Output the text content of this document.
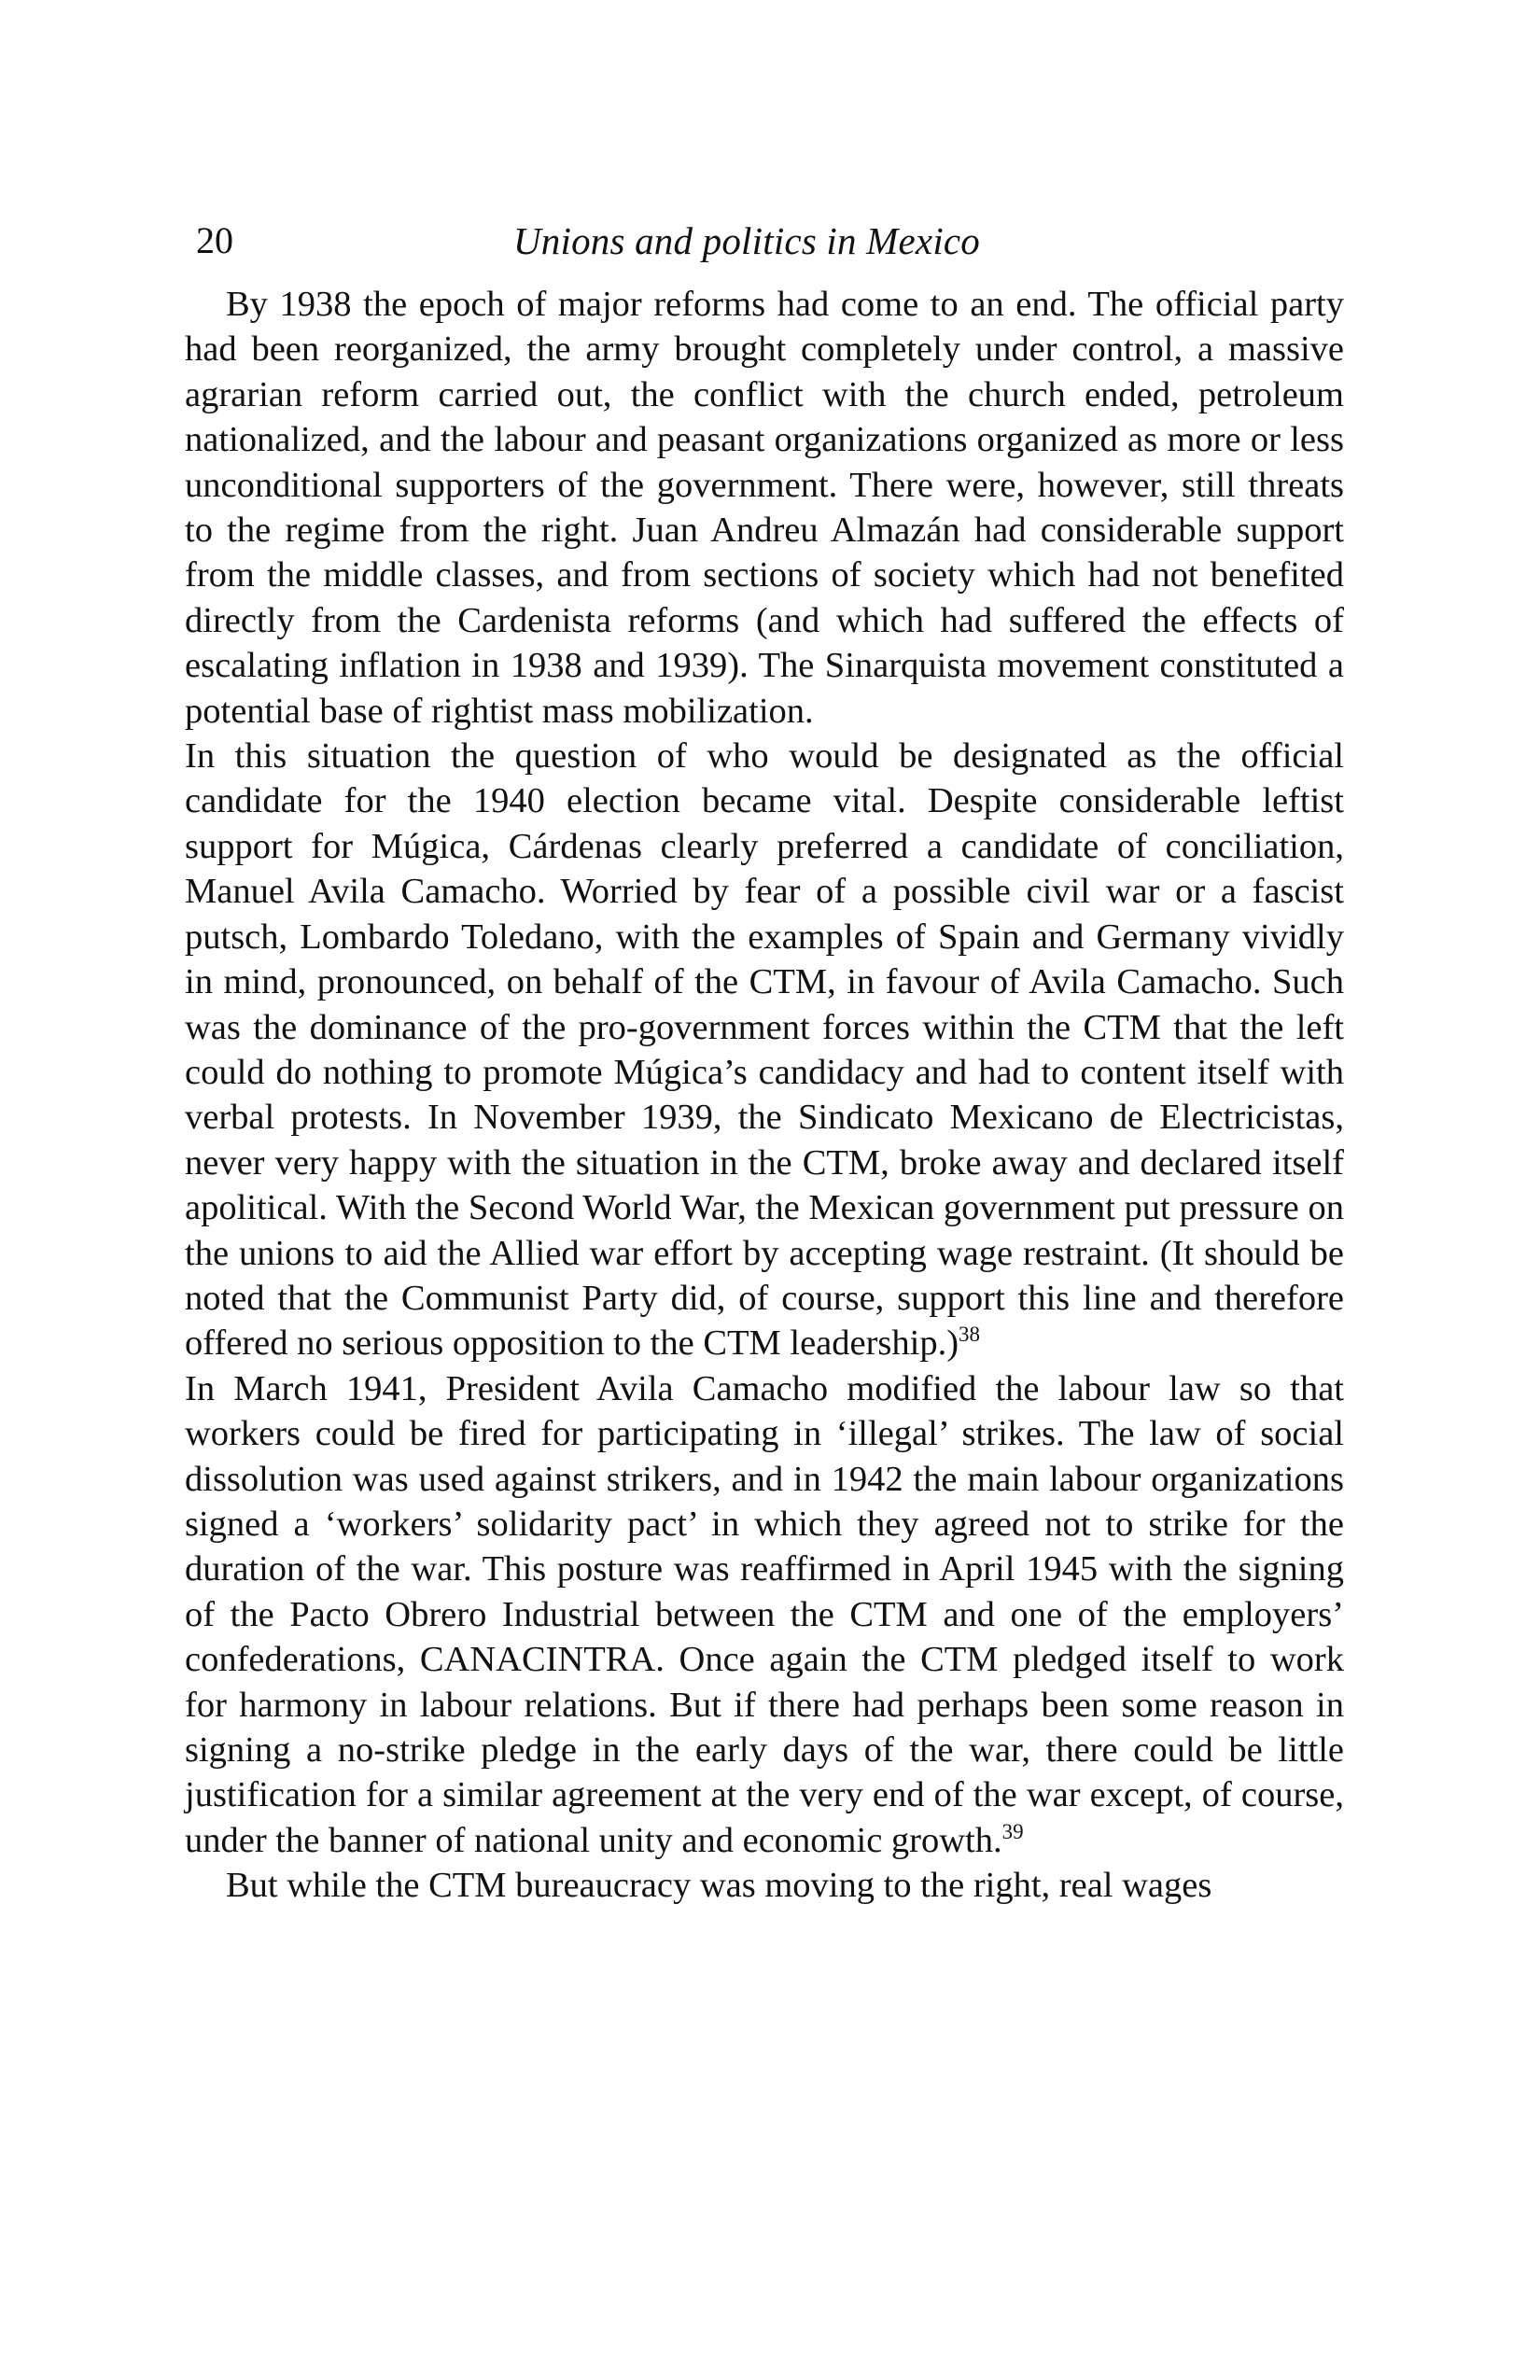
20	Unions and politics in Mexico

By 1938 the epoch of major reforms had come to an end. The official party had been reorganized, the army brought completely under control, a massive agrarian reform carried out, the conflict with the church ended, petroleum nationalized, and the labour and peasant organizations organized as more or less unconditional supporters of the government. There were, however, still threats to the regime from the right. Juan Andreu Almazán had considerable support from the middle classes, and from sections of society which had not benefited directly from the Cardenista reforms (and which had suffered the effects of escalating inflation in 1938 and 1939). The Sinarquista movement constituted a potential base of rightist mass mobilization.

In this situation the question of who would be designated as the official candidate for the 1940 election became vital. Despite considerable leftist support for Múgica, Cárdenas clearly preferred a candidate of conciliation, Manuel Avila Camacho. Worried by fear of a possible civil war or a fascist putsch, Lombardo Toledano, with the examples of Spain and Germany vividly in mind, pronounced, on behalf of the CTM, in favour of Avila Camacho. Such was the dominance of the pro-government forces within the CTM that the left could do nothing to promote Múgica’s candidacy and had to content itself with verbal protests. In November 1939, the Sindicato Mexicano de Electricistas, never very happy with the situation in the CTM, broke away and declared itself apolitical. With the Second World War, the Mexican government put pressure on the unions to aid the Allied war effort by accepting wage restraint. (It should be noted that the Communist Party did, of course, support this line and therefore offered no serious opposition to the CTM leadership.)$^{38}$

In March 1941, President Avila Camacho modified the labour law so that workers could be fired for participating in ‘illegal’ strikes. The law of social dissolution was used against strikers, and in 1942 the main labour organizations signed a ‘workers’ solidarity pact’ in which they agreed not to strike for the duration of the war. This posture was reaffirmed in April 1945 with the signing of the Pacto Obrero Industrial between the CTM and one of the employers’ confederations, CANACINTRA. Once again the CTM pledged itself to work for harmony in labour relations. But if there had perhaps been some reason in signing a no-strike pledge in the early days of the war, there could be little justification for a similar agreement at the very end of the war except, of course, under the banner of national unity and economic growth.$^{39}$

But while the CTM bureaucracy was moving to the right, real wages
